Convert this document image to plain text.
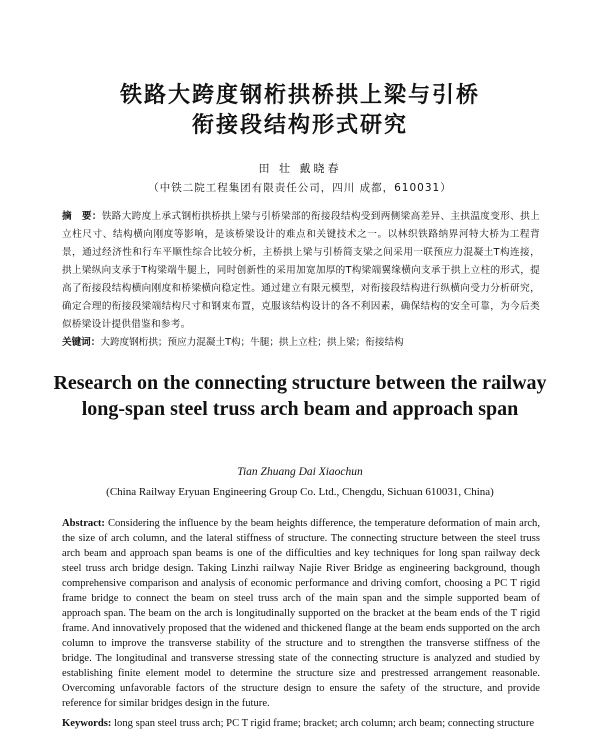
铁路大跨度钢桁拱桥拱上梁与引桥
衔接段结构形式研究
田 壮 戴晓春
（中铁二院工程集团有限责任公司，四川 成都，610031）
摘　要：铁路大跨度上承式钢桁拱桥拱上梁与引桥梁部的衔接段结构受到两侧梁高差异、主拱温度变形、拱上立柱尺寸、结构横向刚度等影响，是该桥梁设计的难点和关键技术之一。以林织铁路纳界河特大桥为工程背景，通过经济性和行车平顺性综合比较分析，主桥拱上梁与引桥简支梁之间采用一联预应力混凝土T构连接，拱上梁纵向支承于T构梁端牛腿上，同时创新性的采用加宽加厚的T构梁端翼缘横向支承于拱上立柱的形式，提高了衔接段结构横向刚度和桥梁横向稳定性。通过建立有限元模型，对衔接段结构进行纵横向受力分析研究，确定合理的衔接段梁端结构尺寸和钢束布置，克服该结构设计的各不利因素，确保结构的安全可靠，为今后类似桥梁设计提供借鉴和参考。
关键词：大跨度钢桁拱；预应力混凝土T构；牛腿；拱上立柱；拱上梁；衔接结构
Research on the connecting structure between the railway
long-span steel truss arch beam and approach span
Tian Zhuang Dai Xiaochun
(China Railway Eryuan Engineering Group Co. Ltd., Chengdu, Sichuan 610031, China)
Abstract: Considering the influence by the beam heights difference, the temperature deformation of main arch, the size of arch column, and the lateral stiffness of structure. The connecting structure between the steel truss arch beam and approach span beams is one of the difficulties and key techniques for long span railway deck steel truss arch bridge design. Taking Linzhi railway Najie River Bridge as engineering background, though comprehensive comparison and analysis of economic performance and driving comfort, choosing a PC T rigid frame bridge to connect the beam on steel truss arch of the main span and the simple supported beam of approach span. The beam on the arch is longitudinally supported on the bracket at the beam ends of the T rigid frame. And innovatively proposed that the widened and thickened flange at the beam ends supported on the arch column to improve the transverse stability of the structure and to strengthen the transverse stiffness of the bridge. The longitudinal and transverse stressing state of the connecting structure is analyzed and studied by establishing finite element model to determine the structure size and prestressed arrangement reasonable. Overcoming unfavorable factors of the structure design to ensure the safety of the structure, and provide reference for similar bridges design in the future.
Keywords: long span steel truss arch; PC T rigid frame; bracket; arch column; arch beam; connecting structure
